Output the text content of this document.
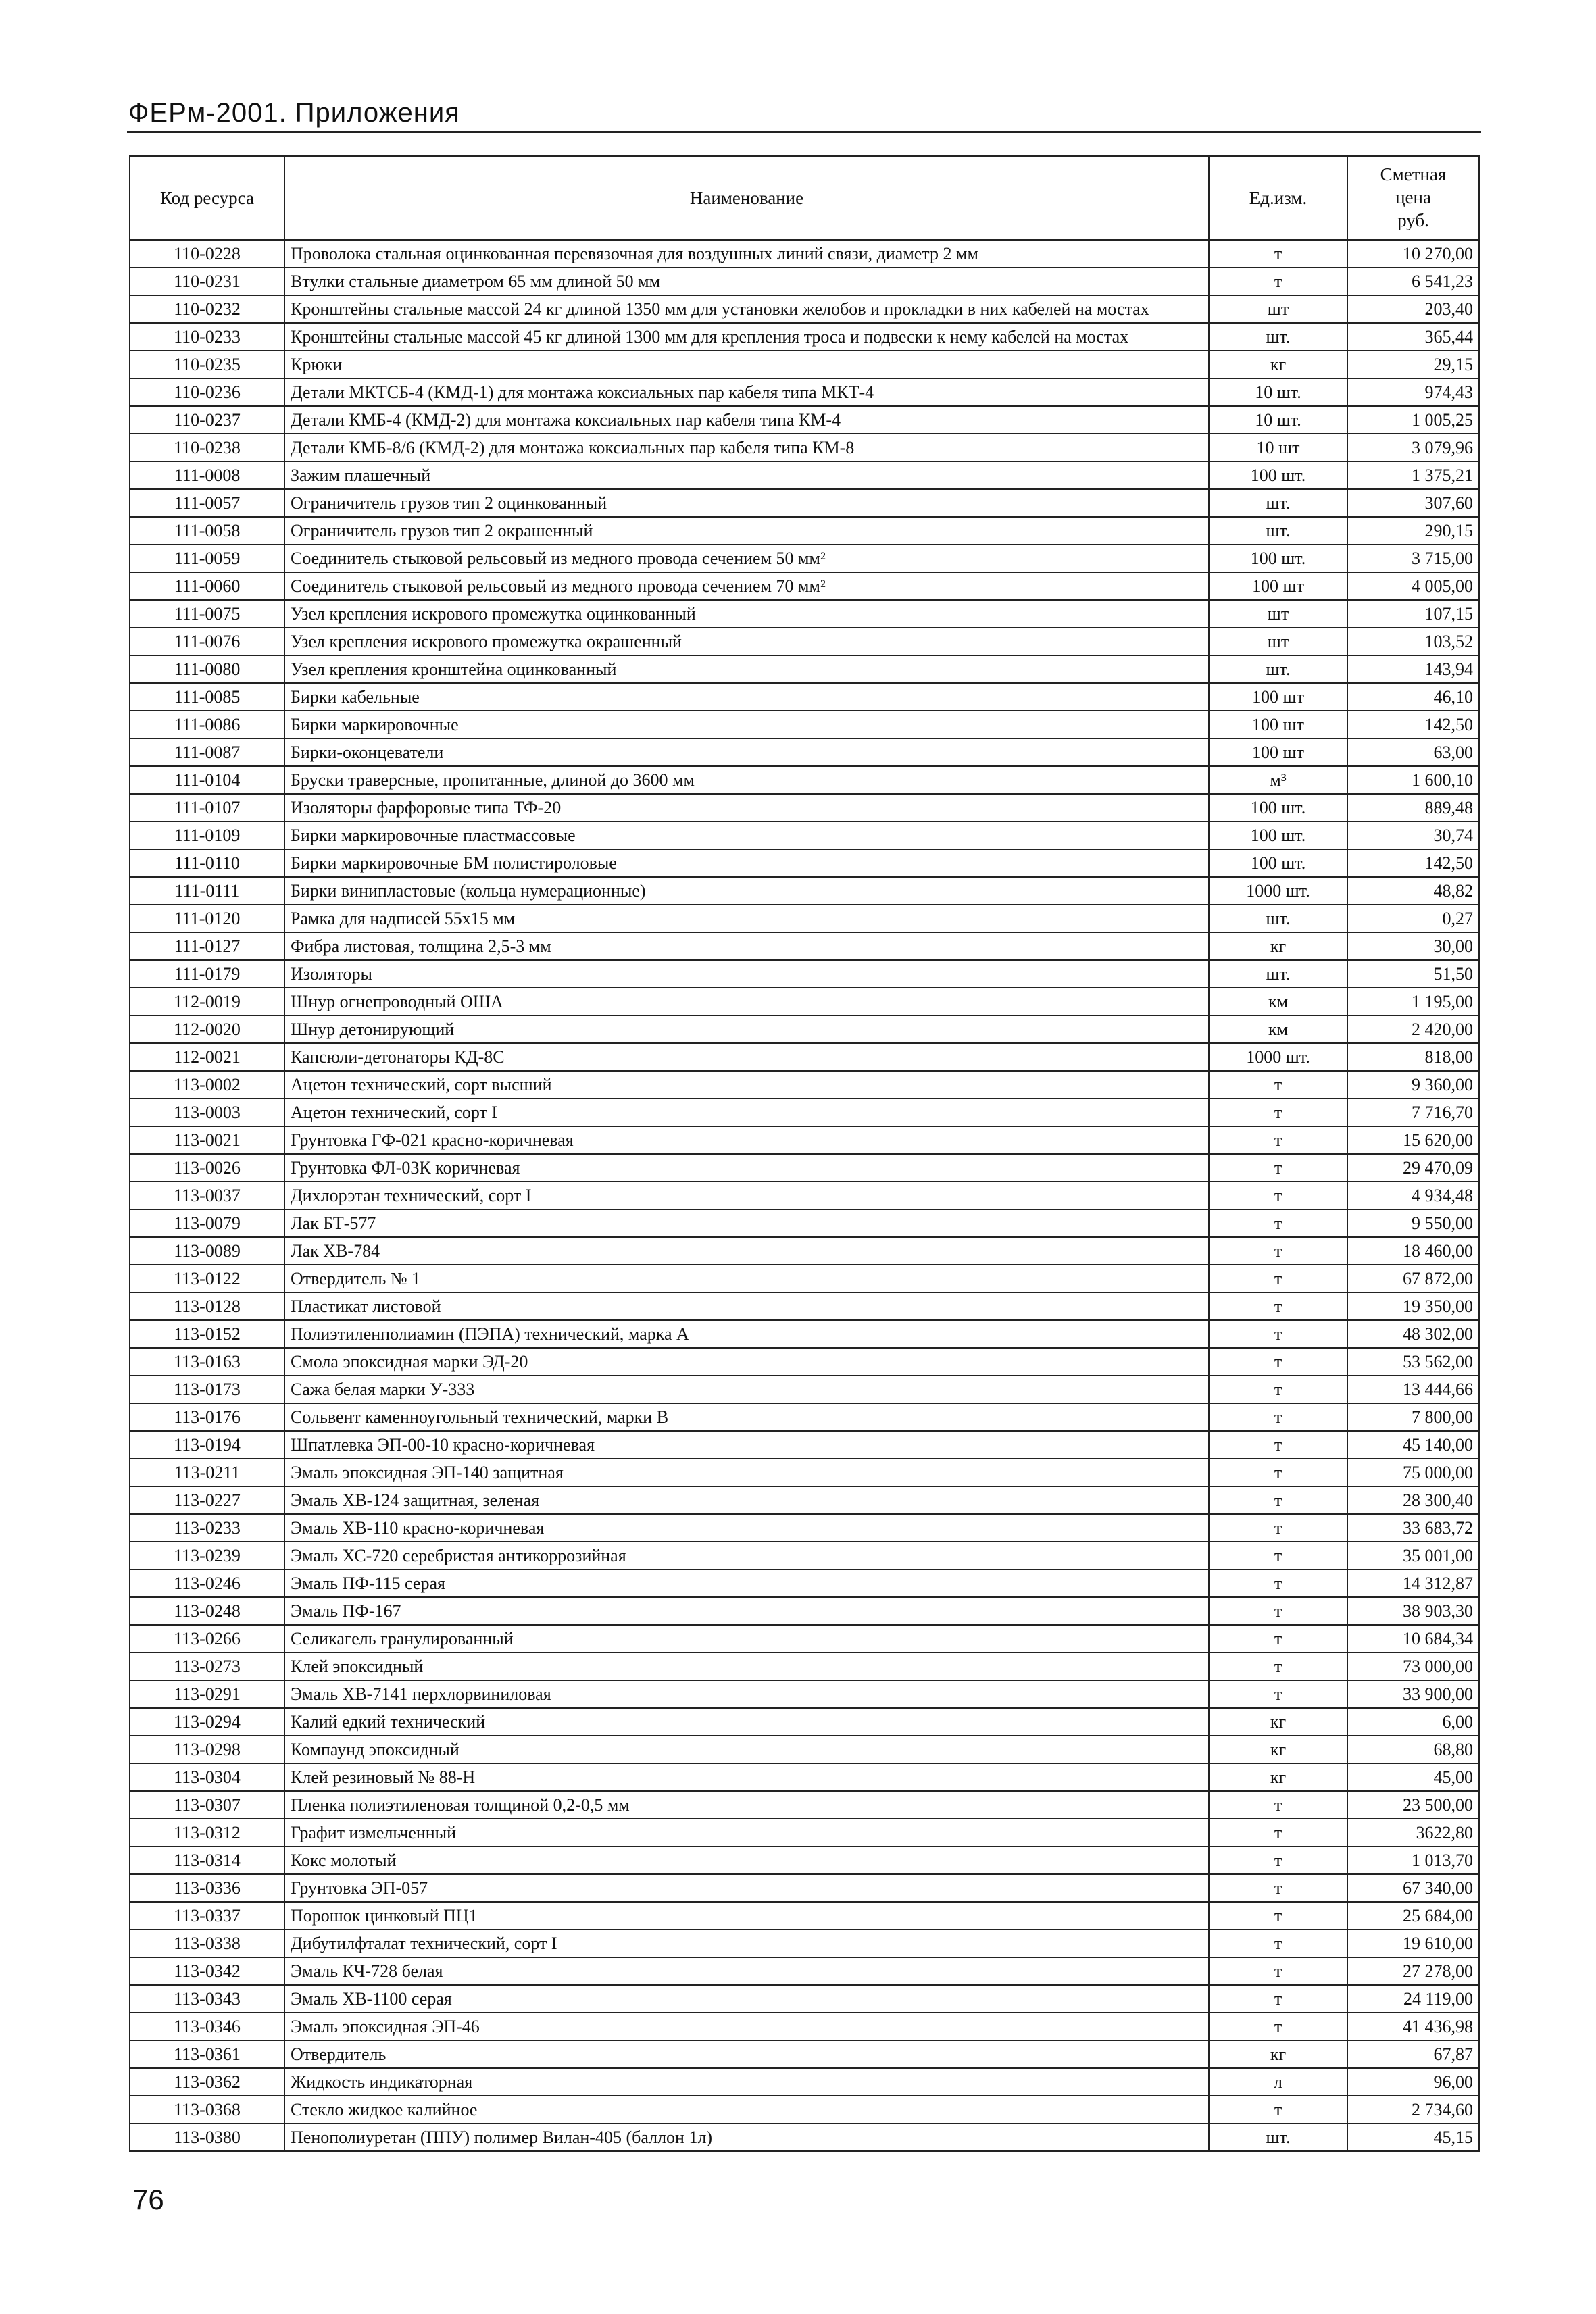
ФЕРм-2001. Приложения
Код ресурса	Наименование	Ед.изм.	Сметная
цена
руб.

110-0228	Проволока стальная оцинкованная перевязочная для воздушных линий связи, диаметр 2 мм	т	10 270,00
110-0231	Втулки стальные диаметром 65 мм длиной 50 мм	т	6 541,23
110-0232	Кронштейны стальные массой 24 кг длиной 1350 мм для установки желобов и прокладки в них кабелей на мостах	шт	203,40
110-0233	Кронштейны стальные массой 45 кг длиной 1300 мм для крепления троса и подвески к нему кабелей на мостах	шт.	365,44
110-0235	Крюки	кг	29,15
110-0236	Детали МКТСБ-4 (КМД-1) для монтажа коксиальных пар кабеля типа МКТ-4	10 шт.	974,43
110-0237	Детали КМБ-4 (КМД-2) для монтажа коксиальных пар кабеля типа КМ-4	10 шт.	1 005,25
110-0238	Детали КМБ-8/6 (КМД-2) для монтажа коксиальных пар кабеля типа КМ-8	10 шт	3 079,96
111-0008	Зажим плашечный	100 шт.	1 375,21
111-0057	Ограничитель грузов тип 2 оцинкованный	шт.	307,60
111-0058	Ограничитель грузов тип 2 окрашенный	шт.	290,15
111-0059	Соединитель стыковой рельсовый из медного провода сечением 50 мм²	100 шт.	3 715,00
111-0060	Соединитель стыковой рельсовый из медного провода сечением 70 мм²	100 шт	4 005,00
111-0075	Узел крепления искрового промежутка оцинкованный	шт	107,15
111-0076	Узел крепления искрового промежутка окрашенный	шт	103,52
111-0080	Узел крепления кронштейна оцинкованный	шт.	143,94
111-0085	Бирки кабельные	100 шт	46,10
111-0086	Бирки маркировочные	100 шт	142,50
111-0087	Бирки-оконцеватели	100 шт	63,00
111-0104	Бруски траверсные, пропитанные, длиной до 3600 мм	м³	1 600,10
111-0107	Изоляторы фарфоровые типа ТФ-20	100 шт.	889,48
111-0109	Бирки маркировочные пластмассовые	100 шт.	30,74
111-0110	Бирки маркировочные БМ полистироловые	100 шт.	142,50
111-0111	Бирки винипластовые (кольца нумерационные)	1000 шт.	48,82
111-0120	Рамка для надписей 55х15 мм	шт.	0,27
111-0127	Фибра листовая, толщина 2,5-3 мм	кг	30,00
111-0179	Изоляторы	шт.	51,50
112-0019	Шнур огнепроводный ОША	км	1 195,00
112-0020	Шнур детонирующий	км	2 420,00
112-0021	Капсюли-детонаторы КД-8С	1000 шт.	818,00
113-0002	Ацетон технический, сорт высший	т	9 360,00
113-0003	Ацетон технический, сорт I	т	7 716,70
113-0021	Грунтовка ГФ-021 красно-коричневая	т	15 620,00
113-0026	Грунтовка ФЛ-03К коричневая	т	29 470,09
113-0037	Дихлорэтан технический, сорт I	т	4 934,48
113-0079	Лак БТ-577	т	9 550,00
113-0089	Лак ХВ-784	т	18 460,00
113-0122	Отвердитель № 1	т	67 872,00
113-0128	Пластикат листовой	т	19 350,00
113-0152	Полиэтиленполиамин (ПЭПА) технический, марка А	т	48 302,00
113-0163	Смола эпоксидная марки ЭД-20	т	53 562,00
113-0173	Сажа белая марки У-333	т	13 444,66
113-0176	Сольвент каменноугольный технический, марки В	т	7 800,00
113-0194	Шпатлевка ЭП-00-10 красно-коричневая	т	45 140,00
113-0211	Эмаль эпоксидная ЭП-140 защитная	т	75 000,00
113-0227	Эмаль ХВ-124 защитная, зеленая	т	28 300,40
113-0233	Эмаль ХВ-110 красно-коричневая	т	33 683,72
113-0239	Эмаль ХС-720 серебристая антикоррозийная	т	35 001,00
113-0246	Эмаль ПФ-115 серая	т	14 312,87
113-0248	Эмаль ПФ-167	т	38 903,30
113-0266	Селикагель гранулированный	т	10 684,34
113-0273	Клей эпоксидный	т	73 000,00
113-0291	Эмаль ХВ-7141 перхлорвиниловая	т	33 900,00
113-0294	Калий едкий технический	кг	6,00
113-0298	Компаунд эпоксидный	кг	68,80
113-0304	Клей резиновый № 88-Н	кг	45,00
113-0307	Пленка полиэтиленовая толщиной 0,2-0,5 мм	т	23 500,00
113-0312	Графит измельченный	т	3622,80
113-0314	Кокс молотый	т	1 013,70
113-0336	Грунтовка ЭП-057	т	67 340,00
113-0337	Порошок цинковый ПЦ1	т	25 684,00
113-0338	Дибутилфталат технический, сорт I	т	19 610,00
113-0342	Эмаль КЧ-728 белая	т	27 278,00
113-0343	Эмаль ХВ-1100 серая	т	24 119,00
113-0346	Эмаль эпоксидная ЭП-46	т	41 436,98
113-0361	Отвердитель	кг	67,87
113-0362	Жидкость индикаторная	л	96,00
113-0368	Стекло жидкое калийное	т	2 734,60
113-0380	Пенополиуретан (ППУ) полимер Вилан-405 (баллон 1л)	шт.	45,15
76
